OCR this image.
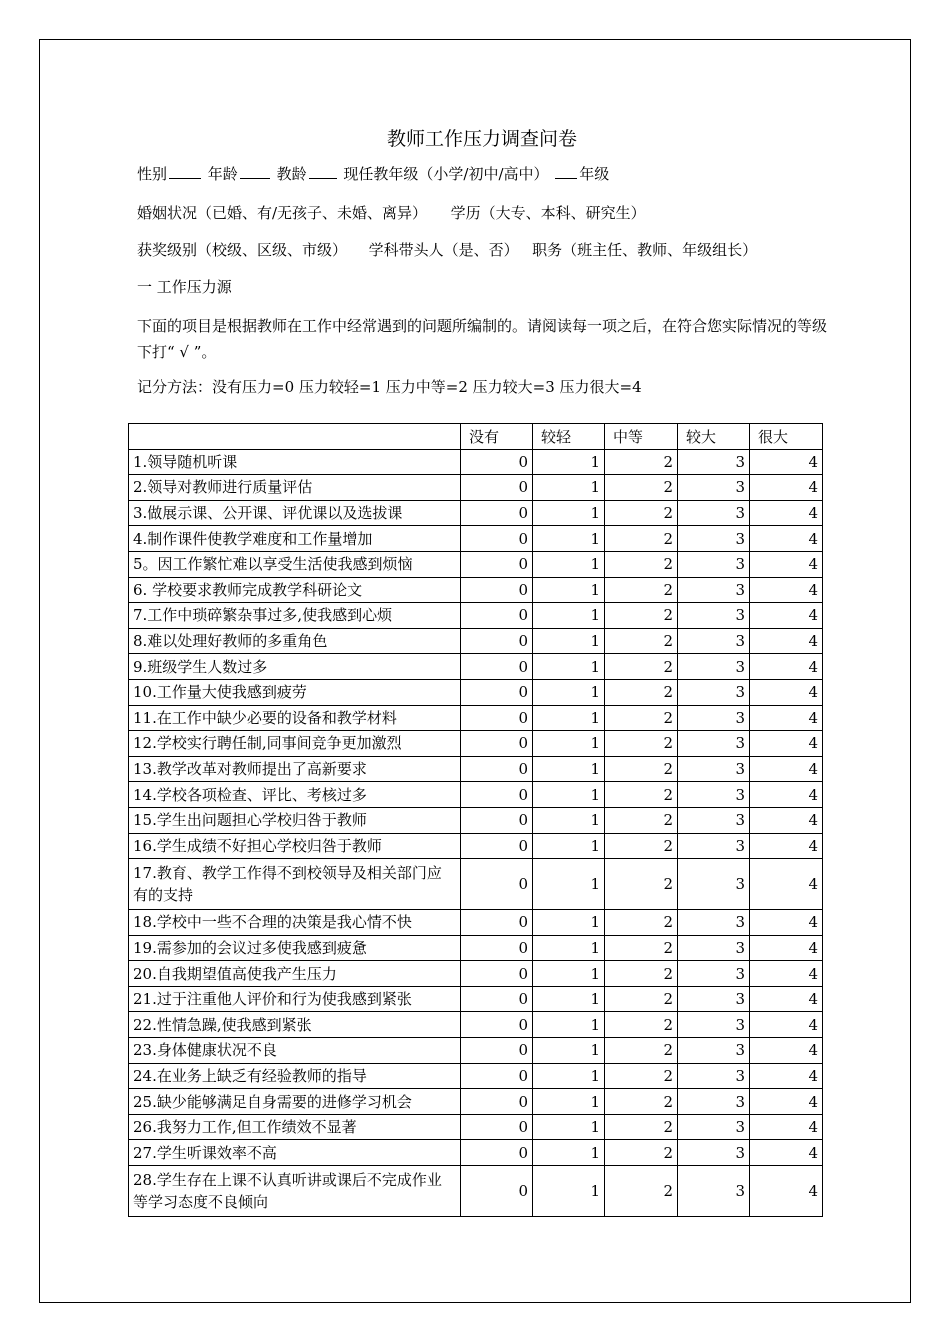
教师工作压力调查问卷
性别	年龄	教龄 现任教年级（小学/初中/高中） 年级
婚姻状况（已婚、有/无孩子、未婚、离异） 学历（大专、本科、研究生）
获奖级别（校级、区级、市级） 学科带头人（是、否） 职务（班主任、教师、年级组长）
一 工作压力源
下面的项目是根据教师在工作中经常遇到的问题所编制的。请阅读每一项之后，在符合您实际情况的等级下打“ √ ”。
记分方法：没有压力=0 压力较轻=1 压力中等=2 压力较大=3 压力很大=4
	没有	较轻	中等	较大	很大
1.领导随机听课	0	1	2	3	4
2.领导对教师进行质量评估	0	1	2	3	4
3.做展示课、公开课、评优课以及选拔课	0	1	2	3	4
4.制作课件使教学难度和工作量增加	0	1	2	3	4
5。因工作繁忙难以享受生活使我感到烦恼	0	1	2	3	4
6. 学校要求教师完成教学科研论文	0	1	2	3	4
7.工作中琐碎繁杂事过多,使我感到心烦	0	1	2	3	4
8.难以处理好教师的多重角色	0	1	2	3	4
9.班级学生人数过多	0	1	2	3	4
10.工作量大使我感到疲劳	0	1	2	3	4
11.在工作中缺少必要的设备和教学材料	0	1	2	3	4
12.学校实行聘任制,同事间竞争更加激烈	0	1	2	3	4
13.教学改革对教师提出了高新要求	0	1	2	3	4
14.学校各项检查、评比、考核过多	0	1	2	3	4
15.学生出问题担心学校归咎于教师	0	1	2	3	4
16.学生成绩不好担心学校归咎于教师	0	1	2	3	4
17.教育、教学工作得不到校领导及相关部门应有的支持	0	1	2	3	4
18.学校中一些不合理的决策是我心情不快	0	1	2	3	4
19.需参加的会议过多使我感到疲惫	0	1	2	3	4
20.自我期望值高使我产生压力	0	1	2	3	4
21.过于注重他人评价和行为使我感到紧张	0	1	2	3	4
22.性情急躁,使我感到紧张	0	1	2	3	4
23.身体健康状况不良	0	1	2	3	4
24.在业务上缺乏有经验教师的指导	0	1	2	3	4
25.缺少能够满足自身需要的进修学习机会	0	1	2	3	4
26.我努力工作,但工作绩效不显著	0	1	2	3	4
27.学生听课效率不高	0	1	2	3	4
28.学生存在上课不认真听讲或课后不完成作业等学习态度不良倾向	0	1	2	3	4
